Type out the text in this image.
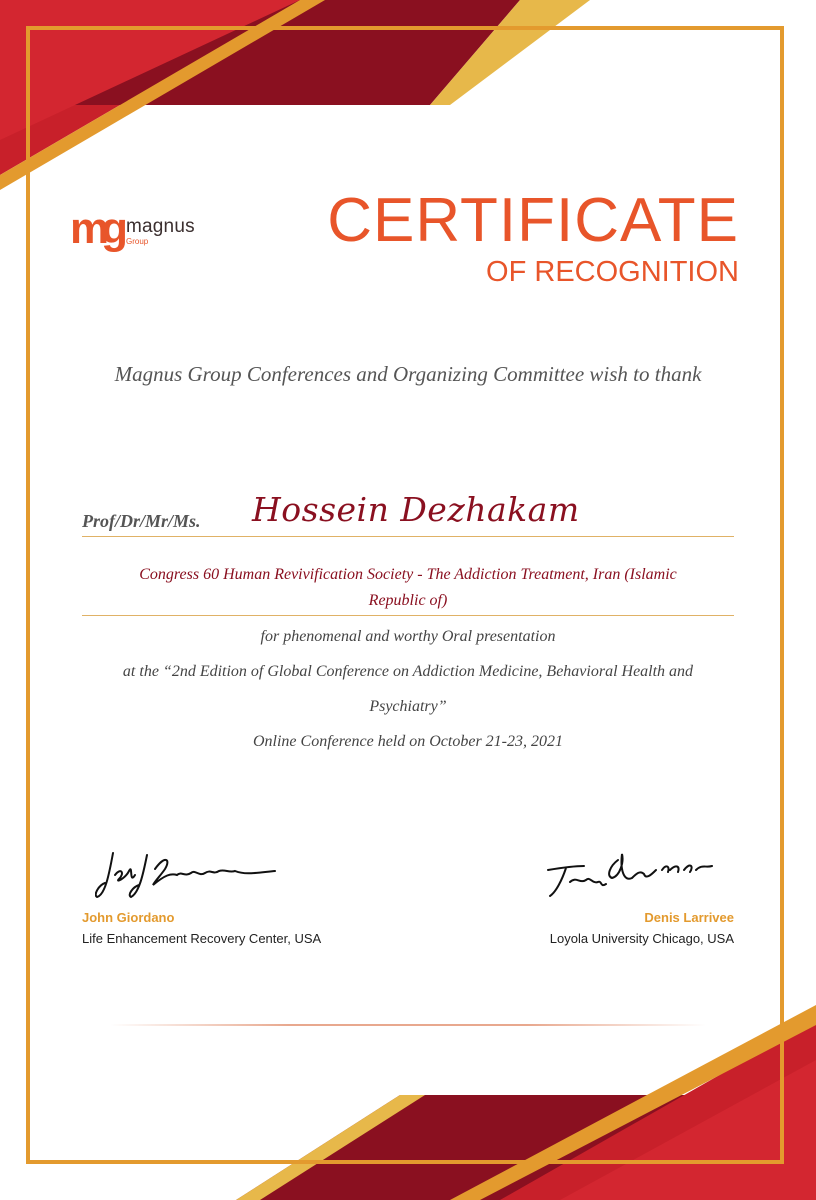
mg magnus
Group	CERTIFICATE
OF RECOGNITION
Magnus Group Conferences and Organizing Committee wish to thank
Prof/Dr/Mr/Ms. Hossein Dezhakam
Congress 60 Human Revivification Society - The Addiction Treatment, Iran (Islamic
Republic of)
for phenomenal and worthy Oral presentation
at the “2nd Edition of Global Conference on Addiction Medicine, Behavioral Health and
Psychiatry”
Online Conference held on October 21-23, 2021
John Giordano
Life Enhancement Recovery Center, USA
Denis Larrivee
Loyola University Chicago, USA
